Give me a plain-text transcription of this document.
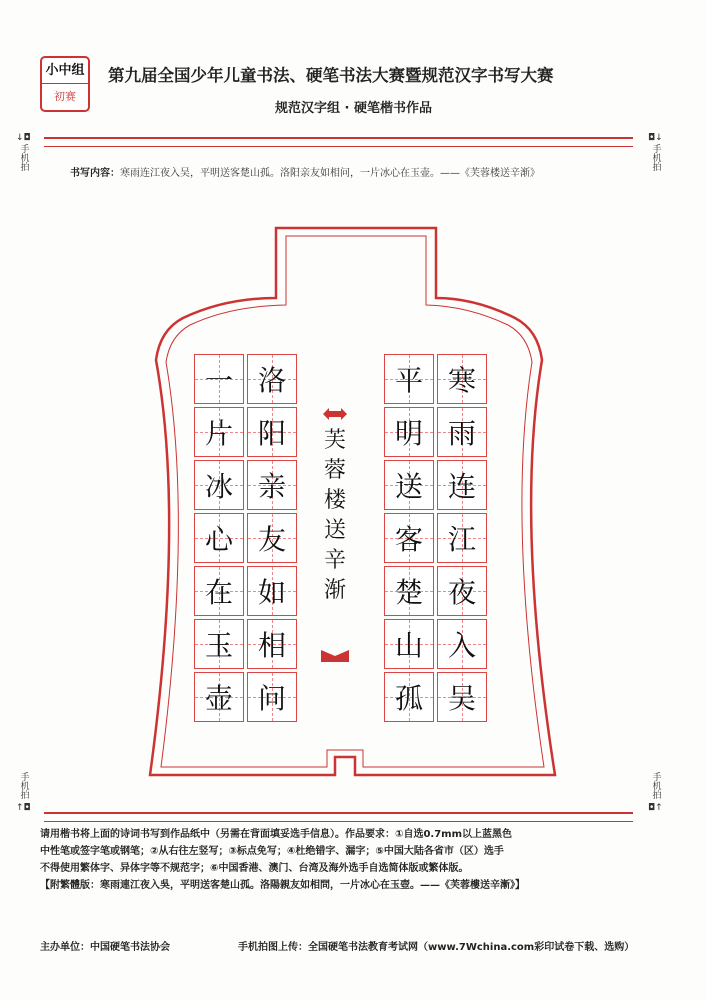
小中组
初赛
第九届全国少年儿童书法、硬笔书法大赛暨规范汉字书写大赛
规范汉字组 · 硬笔楷书作品
↓◘
手机拍
◘↓
手机拍
手机拍
↑◘
手机拍
◘↑
书写内容：寒雨连江夜入吴，平明送客楚山孤。洛阳亲友如相问，一片冰心在玉壶。——《芙蓉楼送辛渐》
一 洛
片 阳
冰 亲
心 友
在 如
玉 相
壶 问
平 寒
明 雨
送 连
客 江
楚 夜
山 入
孤 吴
芙
蓉
楼
送
辛
渐
请用楷书将上面的诗词书写到作品纸中（另需在背面填妥选手信息）。作品要求：①自选0.7mm以上蓝黑色
中性笔或签字笔或钢笔；②从右往左竖写；③标点免写；④杜绝错字、漏字；⑤中国大陆各省市（区）选手
不得使用繁体字、异体字等不规范字；⑥中国香港、澳门、台湾及海外选手自选简体版或繁体版。
【附繁體版：寒雨連江夜入吳，平明送客楚山孤。洛陽親友如相問，一片冰心在玉壺。——《芙蓉樓送辛漸》】
主办单位：中国硬笔书法协会	手机拍图上传：全国硬笔书法教育考试网（www.7Wchina.com彩印试卷下载、选购）
